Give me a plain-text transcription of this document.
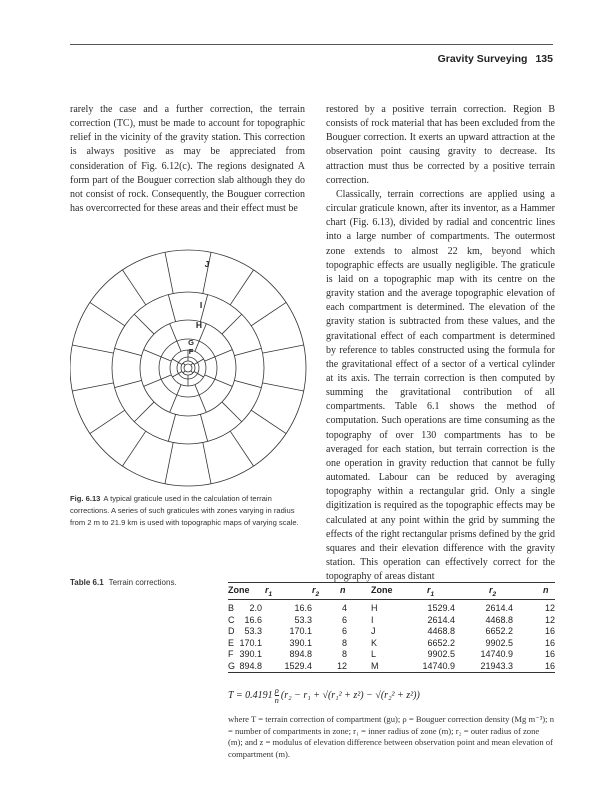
Gravity Surveying 135

rarely the case and a further correction, the terrain correction (TC), must be made to account for topographic relief in the vicinity of the gravity station. This correction is always positive as may be appreciated from consideration of Fig. 6.12(c). The regions designated A form part of the Bouguer correction slab although they do not consist of rock. Consequently, the Bouguer correction has overcorrected for these areas and their effect must be

J
I
H
G
F
Fig. 6.13 A typical graticule used in the calculation of terrain corrections. A series of such graticules with zones varying in radius from 2 m to 21.9 km is used with topographic maps of varying scale.

restored by a positive terrain correction. Region B consists of rock material that has been excluded from the Bouguer correction. It exerts an upward attraction at the observation point causing gravity to decrease. Its attraction must thus be corrected by a positive terrain correction.

Classically, terrain corrections are applied using a circular graticule known, after its inventor, as a Hammer chart (Fig. 6.13), divided by radial and concentric lines into a large number of compartments. The outermost zone extends to almost 22 km, beyond which topographic effects are usually negligible. The graticule is laid on a topographic map with its centre on the gravity station and the average topographic elevation of each compartment is determined. The elevation of the gravity station is subtracted from these values, and the gravitational effect of each compartment is determined by reference to tables constructed using the formula for the gravitational effect of a sector of a vertical cylinder at its axis. The terrain correction is then computed by summing the gravitational contribution of all compartments. Table 6.1 shows the method of computation. Such operations are time consuming as the topography of over 130 compartments has to be averaged for each station, but terrain correction is the one operation in gravity reduction that cannot be fully automated. Labour can be reduced by averaging topography within a rectangular grid. Only a single digitization is required as the topographic effects may be calculated at any point within the grid by summing the effects of the right rectangular prisms defined by the grid squares and their elevation difference with the gravity station. This operation can effectively correct for the topography of areas distant

Table 6.1 Terrain corrections.
Zone $r_1$	$r_2$ n	Zone	$r_1$	$r_2$	n
B 2.0	16.6	4	H	1529.4	2614.4	12
C 16.6	53.3	6	I	2614.4	4468.8	12
D 53.3	170.1	6	J	4468.8	6652.2	16
E 170.1	390.1	8	K	6652.2	9902.5	16
F 390.1	894.8	8	L	9902.5	14740.9	16
G 894.8 1529.4	12	M	14740.9	21943.3	16
$T = 0.4191 \frac{\rho}{n} (r_2 - r_1 + √(r_1^2 + z^2) - √(r_2^2 + z^2))$
where T = terrain correction of compartment (gu); ρ = Bouguer correction density (Mg m⁻³); n = number of compartments in zone; r₁ = inner radius of zone (m); r₂ = outer radius of zone (m); and z = modulus of elevation difference between observation point and mean elevation of compartment (m).
